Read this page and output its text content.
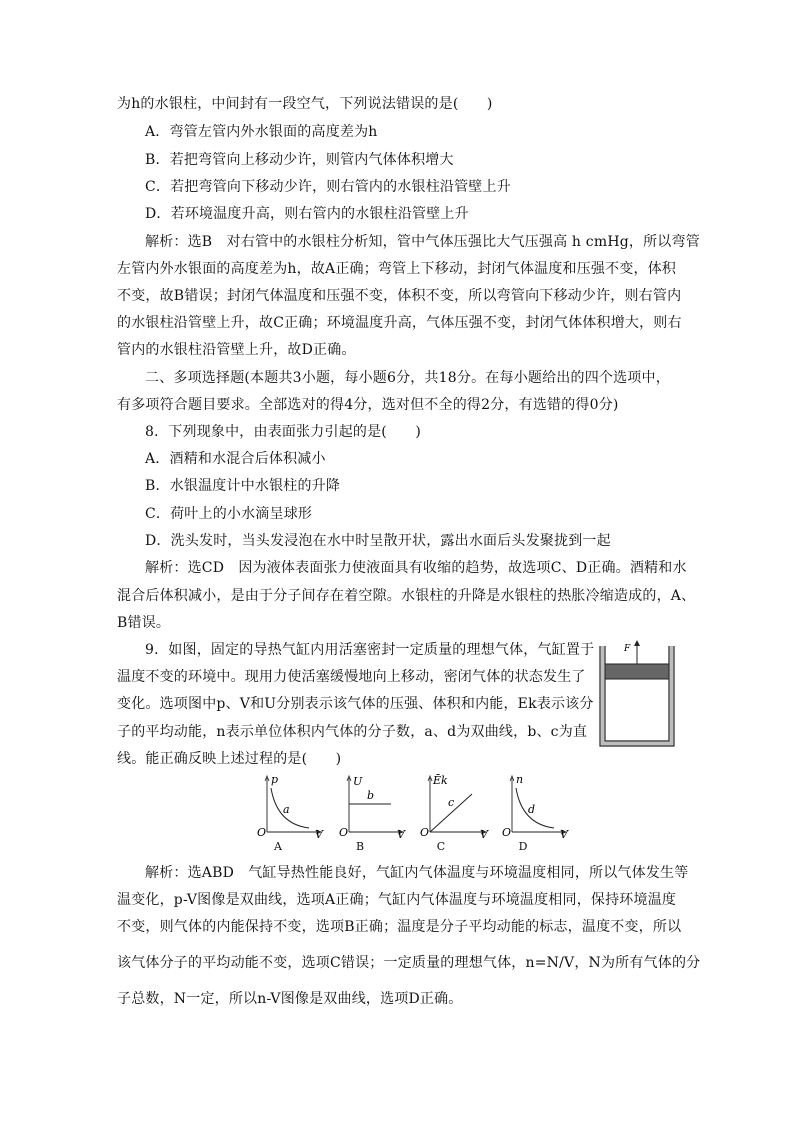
为h的水银柱，中间封有一段空气，下列说法错误的是(　　)
A．弯管左管内外水银面的高度差为h
B．若把弯管向上移动少许，则管内气体体积增大
C．若把弯管向下移动少许，则右管内的水银柱沿管壁上升
D．若环境温度升高，则右管内的水银柱沿管壁上升
解析：选B　对右管中的水银柱分析知，管中气体压强比大气压强高 h cmHg，所以弯管
左管内外水银面的高度差为h，故A正确；弯管上下移动，封闭气体温度和压强不变，体积
不变，故B错误；封闭气体温度和压强不变，体积不变，所以弯管向下移动少许，则右管内
的水银柱沿管壁上升，故C正确；环境温度升高，气体压强不变，封闭气体体积增大，则右
管内的水银柱沿管壁上升，故D正确。
二、多项选择题(本题共3小题，每小题6分，共18分。在每小题给出的四个选项中，
有多项符合题目要求。全部选对的得4分，选对但不全的得2分，有选错的得0分)
8．下列现象中，由表面张力引起的是(　　)
A．酒精和水混合后体积减小
B．水银温度计中水银柱的升降
C．荷叶上的小水滴呈球形
D．洗头发时，当头发浸泡在水中时呈散开状，露出水面后头发聚拢到一起
解析：选CD　因为液体表面张力使液面具有收缩的趋势，故选项C、D正确。酒精和水
混合后体积减小，是由于分子间存在着空隙。水银柱的升降是水银柱的热胀冷缩造成的，A、
B错误。
9．如图，固定的导热气缸内用活塞密封一定质量的理想气体，气缸置于
温度不变的环境中。现用力使活塞缓慢地向上移动，密闭气体的状态发生了
变化。选项图中p、V和U分别表示该气体的压强、体积和内能，Ek表示该分
子的平均动能，n表示单位体积内气体的分子数，a、d为双曲线，b、c为直
线。能正确反映上述过程的是(　　)
F
p
a
O	V
A
U
b
O	V
B
Ēk
c
O	V
C
n
d
O	V
D
解析：选ABD　气缸导热性能良好，气缸内气体温度与环境温度相同，所以气体发生等
温变化，p-V图像是双曲线，选项A正确；气缸内气体温度与环境温度相同，保持环境温度
不变，则气体的内能保持不变，选项B正确；温度是分子平均动能的标志，温度不变，所以
该气体分子的平均动能不变，选项C错误；一定质量的理想气体，n=N/V，N为所有气体的分
子总数，N一定，所以n-V图像是双曲线，选项D正确。
